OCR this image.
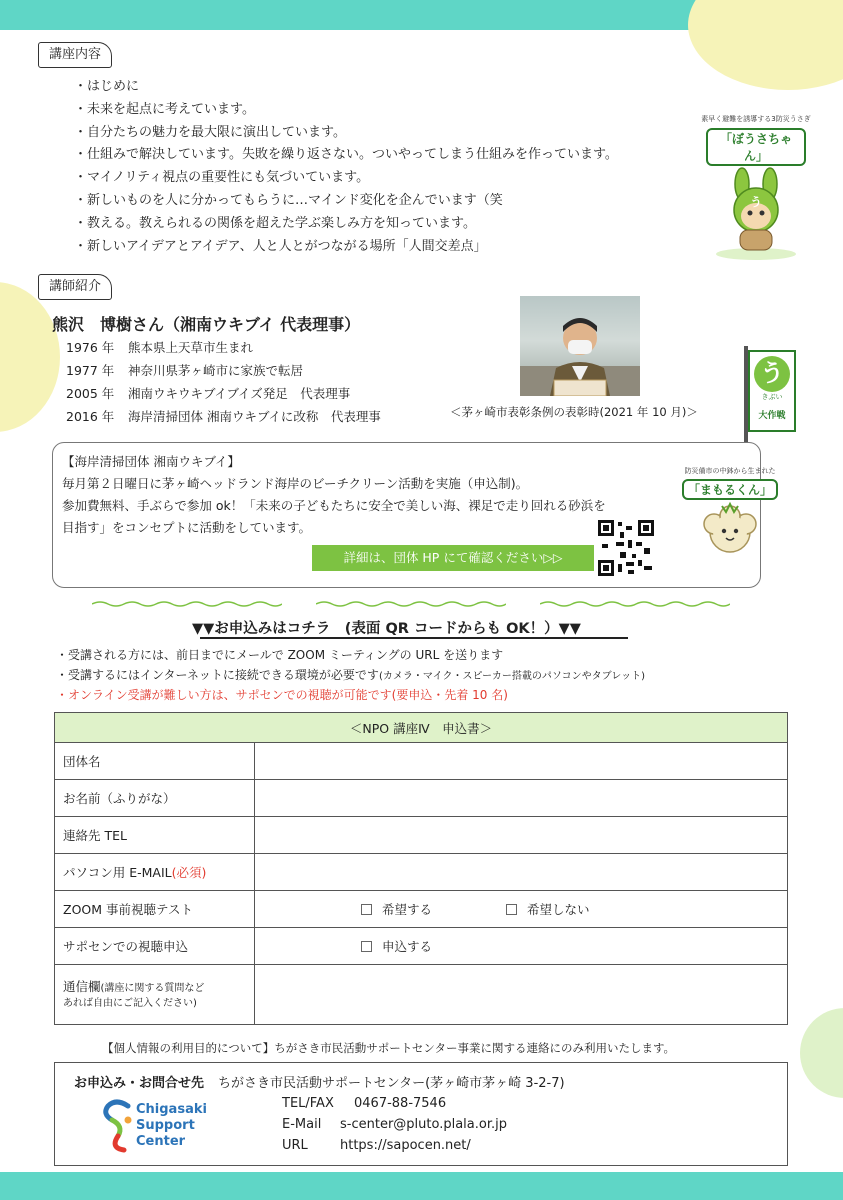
講座内容
・はじめに
・未来を起点に考えています。
・自分たちの魅力を最大限に演出しています。
・仕組みで解決しています。失敗を繰り返さない。ついやってしまう仕組みを作っています。
・マイノリティ視点の重要性にも気づいています。
・新しいものを人に分かってもらうに…マインド変化を企んでいます（笑
・教える。教えられるの関係を超えた学ぶ楽しみ方を知っています。
・新しいアイデアとアイデア、人と人とがつながる場所「人間交差点」
素早く避難を誘導する3防災うさぎ
「ぼうさちゃん」
う
講師紹介
熊沢　博樹さん（湘南ウキブイ 代表理事）
1976 年 熊本県上天草市生まれ
1977 年 神奈川県茅ヶ崎市に家族で転居
2005 年 湘南ウキウキブイブイズ発足　代表理事
2016 年 海岸清掃団体 湘南ウキブイに改称　代表理事	＜茅ヶ崎市表彰条例の表彰時(2021 年 10 月)＞
う
きぶい
大作戦
【海岸清掃団体 湘南ウキブイ】
毎月第２日曜日に茅ヶ崎ヘッドランド海岸のビーチクリーン活動を実施（申込制)。
参加費無料、手ぶらで参加 ok！「未来の子どもたちに安全で美しい海、裸足で走り回れる砂浜を
目指す」をコンセプトに活動をしています。
詳細は、団体 HP にて確認ください▷▷
防災備市の中鉢から生まれた
「まもるくん」
▼▼お申込みはコチラ　(表面 QR コードからも OK！）▼▼
・受講される方には、前日までにメールで ZOOM ミーティングの URL を送ります
・受講するにはインターネットに接続できる環境が必要です(カメラ・マイク・スピーカー搭載のパソコンやタブレット)
・オンライン受講が難しい方は、サポセンでの視聴が可能です(要申込・先着 10 名)
＜NPO 講座Ⅳ　申込書＞	
団体名	
お名前（ふりがな）	
連絡先 TEL	
パソコン用 E-MAIL(必須)	
ZOOM 事前視聴テスト	希望する 希望しない
サポセンでの視聴申込	申込する

通信欄(講座に関する質問など
あれば自由にご記入ください)	

【個人情報の利用目的について】ちがさき市民活動サポートセンター事業に関する連絡にのみ利用いたします。
お申込み・お問合せ先 ちがさき市民活動サポートセンター(茅ヶ崎市茅ヶ崎 3-2-7)
TEL/FAX 0467-88-7546
E-Mail s-center@pluto.plala.or.jp
URL https://sapocen.net/
Chigasaki
Support
Center
